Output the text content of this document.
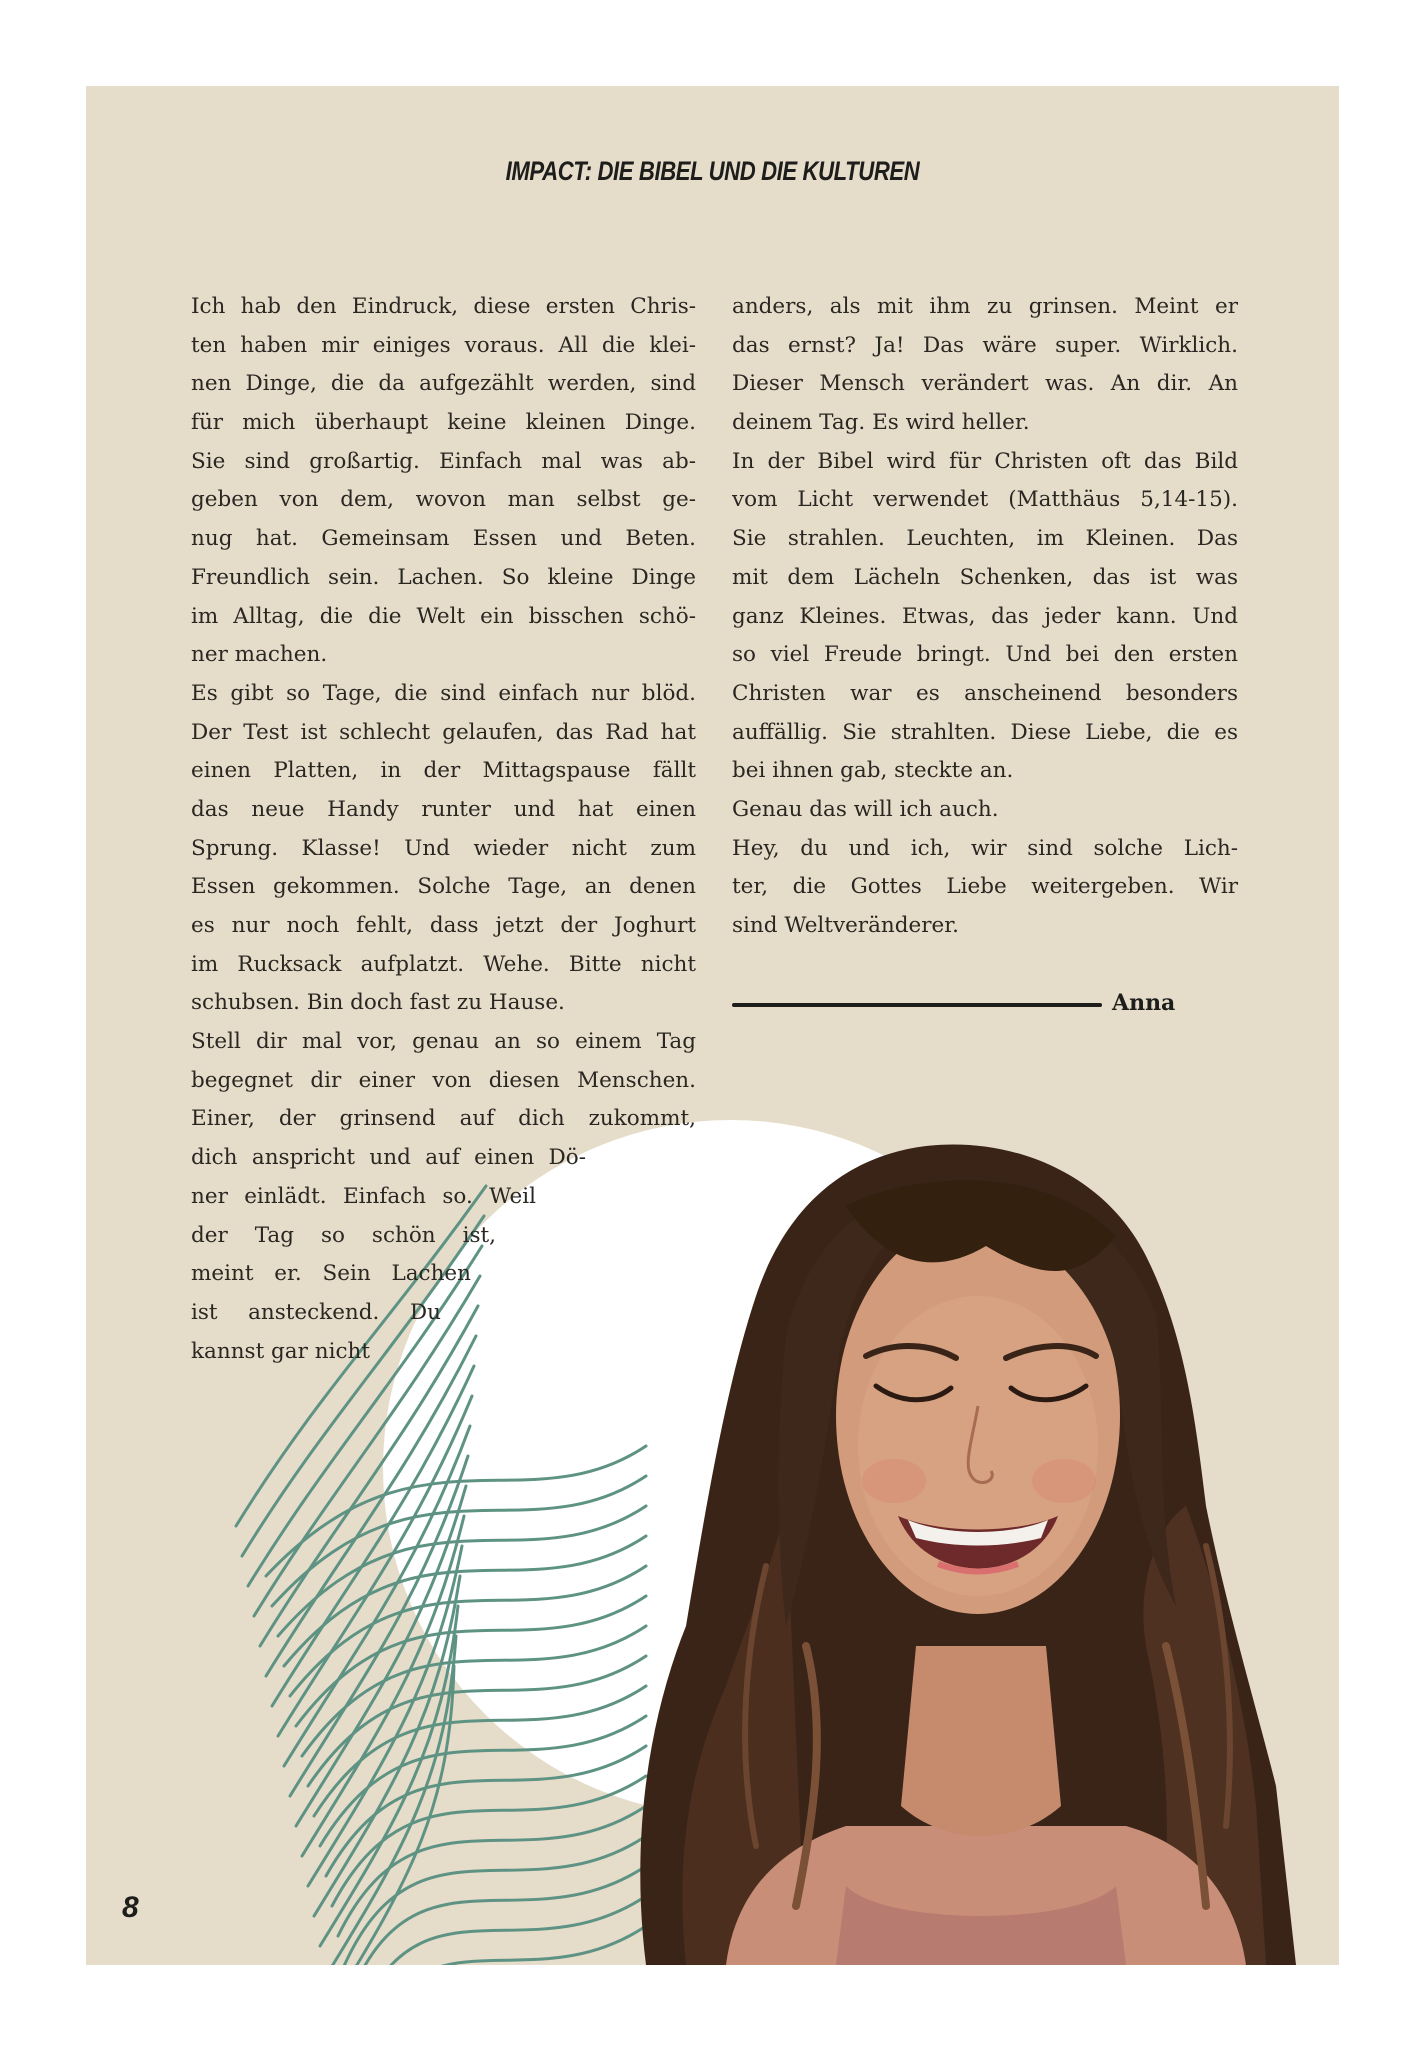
IMPACT: DIE BIBEL UND DIE KULTUREN
Ich hab den Eindruck, diese ersten Chris-
ten haben mir einiges voraus. All die klei-
nen Dinge, die da aufgezählt werden, sind
für mich überhaupt keine kleinen Dinge.
Sie sind großartig. Einfach mal was ab-
geben von dem, wovon man selbst ge-
nug hat. Gemeinsam Essen und Beten.
Freundlich sein. Lachen. So kleine Dinge
im Alltag, die die Welt ein bisschen schö-
ner machen.
Es gibt so Tage, die sind einfach nur blöd.
Der Test ist schlecht gelaufen, das Rad hat
einen Platten, in der Mittagspause fällt
das neue Handy runter und hat einen
Sprung. Klasse! Und wieder nicht zum
Essen gekommen. Solche Tage, an denen
es nur noch fehlt, dass jetzt der Joghurt
im Rucksack aufplatzt. Wehe. Bitte nicht
schubsen. Bin doch fast zu Hause.
Stell dir mal vor, genau an so einem Tag
begegnet dir einer von diesen Menschen.
Einer, der grinsend auf dich zukommt,
dich anspricht und auf einen Dö-
ner einlädt. Einfach so. Weil
der Tag so schön ist,
meint er. Sein Lachen
ist ansteckend. Du
kannst gar nicht
anders, als mit ihm zu grinsen. Meint er
das ernst? Ja! Das wäre super. Wirklich.
Dieser Mensch verändert was. An dir. An
deinem Tag. Es wird heller.
In der Bibel wird für Christen oft das Bild
vom Licht verwendet (Matthäus 5,14-15).
Sie strahlen. Leuchten, im Kleinen. Das
mit dem Lächeln Schenken, das ist was
ganz Kleines. Etwas, das jeder kann. Und
so viel Freude bringt. Und bei den ersten
Christen war es anscheinend besonders
auffällig. Sie strahlten. Diese Liebe, die es
bei ihnen gab, steckte an.
Genau das will ich auch.
Hey, du und ich, wir sind solche Lich-
ter, die Gottes Liebe weitergeben. Wir
sind Weltveränderer.
Anna
8
